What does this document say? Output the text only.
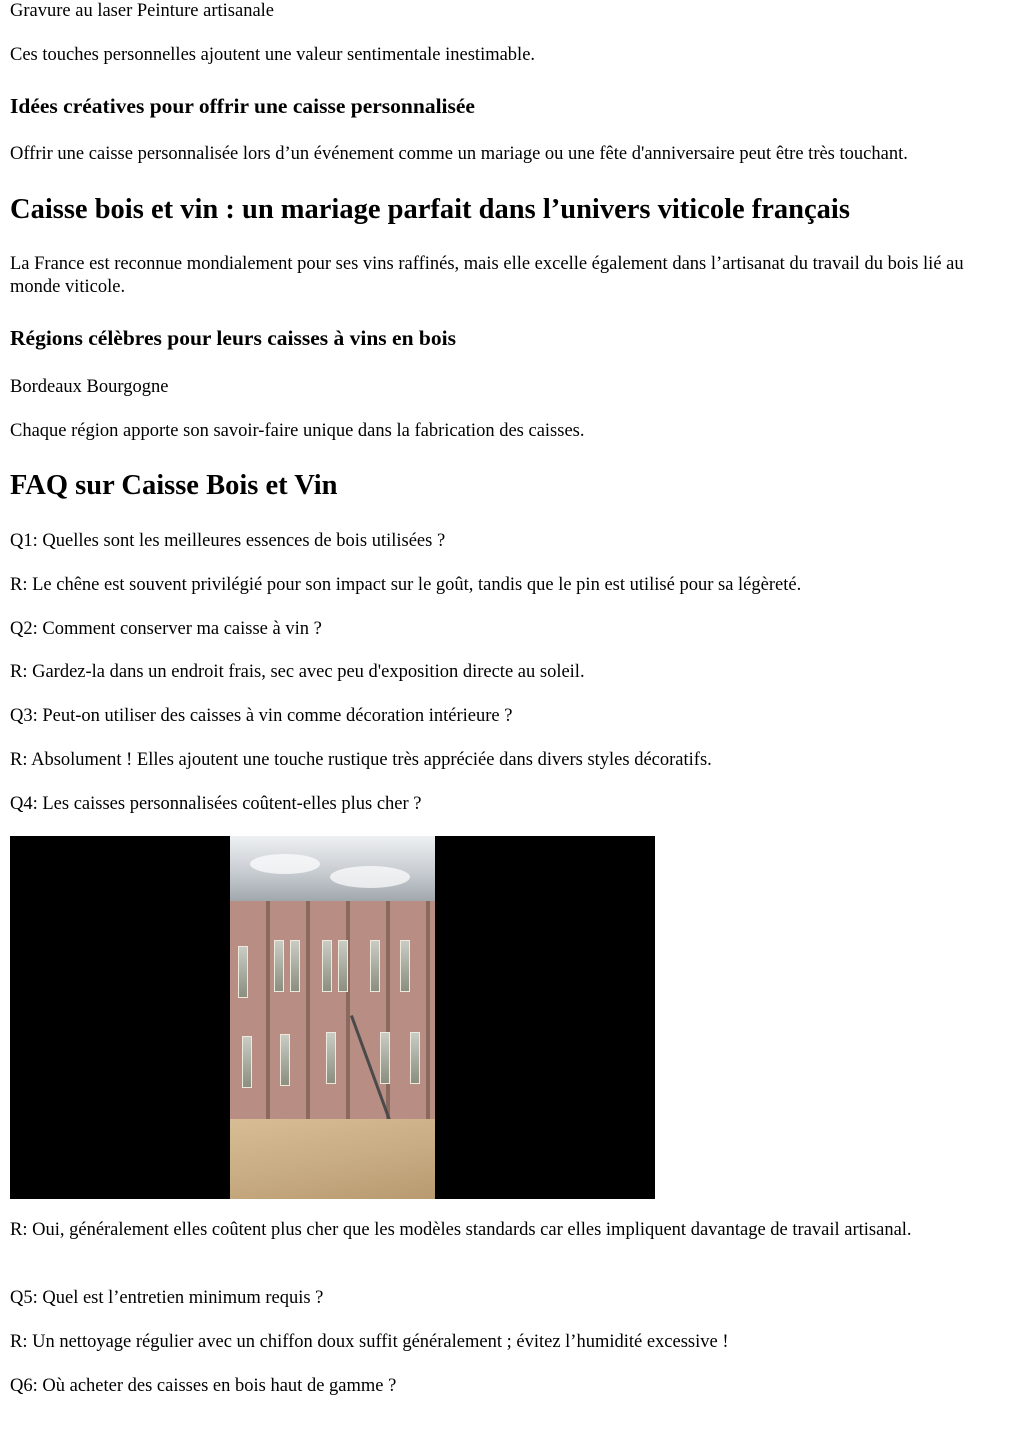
Gravure au laser Peinture artisanale

Ces touches personnelles ajoutent une valeur sentimentale inestimable.

Idées créatives pour offrir une caisse personnalisée

Offrir une caisse personnalisée lors d’un événement comme un mariage ou une fête d'anniversaire peut être très touchant.

Caisse bois et vin : un mariage parfait dans l’univers viticole français

La France est reconnue mondialement pour ses vins raffinés, mais elle excelle également dans l’artisanat du travail du bois lié au monde viticole.

Régions célèbres pour leurs caisses à vins en bois

Bordeaux Bourgogne

Chaque région apporte son savoir-faire unique dans la fabrication des caisses.

FAQ sur Caisse Bois et Vin

Q1: Quelles sont les meilleures essences de bois utilisées ?

R: Le chêne est souvent privilégié pour son impact sur le goût, tandis que le pin est utilisé pour sa légèreté.

Q2: Comment conserver ma caisse à vin ?

R: Gardez-la dans un endroit frais, sec avec peu d'exposition directe au soleil.

Q3: Peut-on utiliser des caisses à vin comme décoration intérieure ?

R: Absolument ! Elles ajoutent une touche rustique très appréciée dans divers styles décoratifs.

Q4: Les caisses personnalisées coûtent-elles plus cher ?

R: Oui, généralement elles coûtent plus cher que les modèles standards car elles impliquent davantage de travail artisanal.

Q5: Quel est l’entretien minimum requis ?

R: Un nettoyage régulier avec un chiffon doux suffit généralement ; évitez l’humidité excessive !

Q6: Où acheter des caisses en bois haut de gamme ?
